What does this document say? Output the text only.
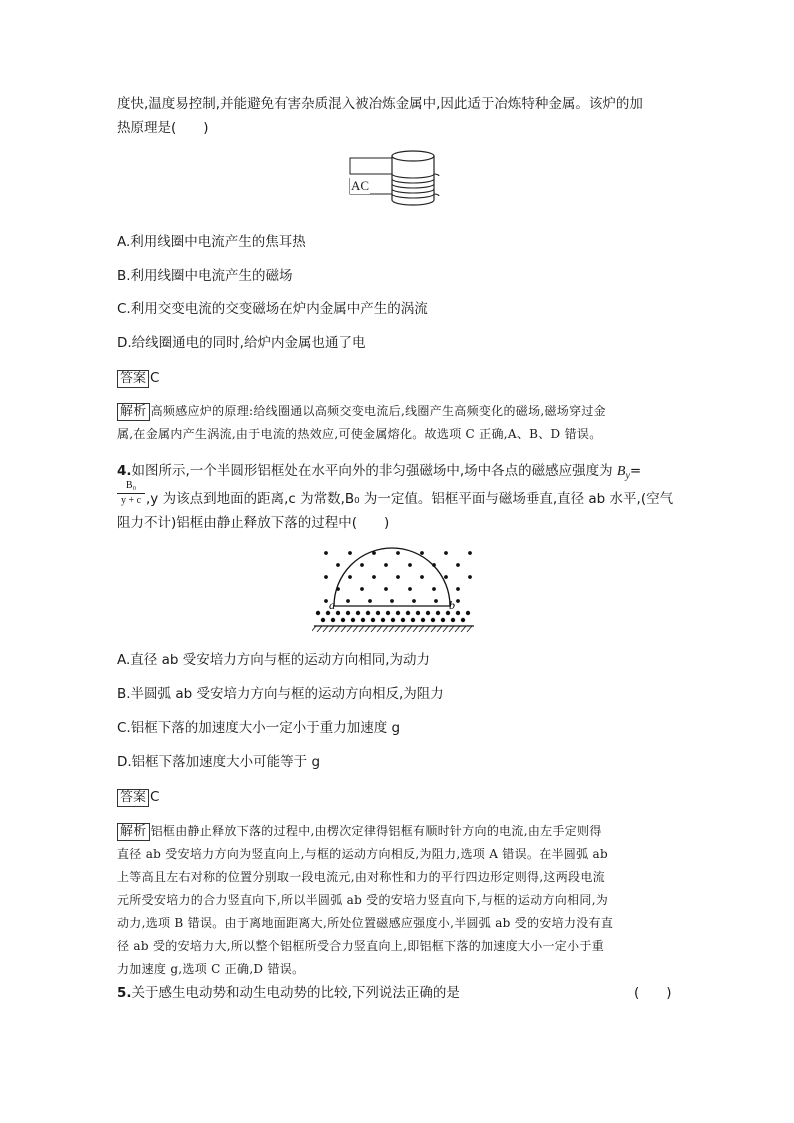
度快,温度易控制,并能避免有害杂质混入被冶炼金属中,因此适于冶炼特种金属。该炉的加
热原理是(　　)
AC
A.利用线圈中电流产生的焦耳热
B.利用线圈中电流产生的磁场
C.利用交变电流的交变磁场在炉内金属中产生的涡流
D.给线圈通电的同时,给炉内金属也通了电
答案 C
解析 高频感应炉的原理:给线圈通以高频交变电流后,线圈产生高频变化的磁场,磁场穿过金
属,在金属内产生涡流,由于电流的热效应,可使金属熔化。故选项 C 正确,A、B、D 错误。
4.如图所示,一个半圆形铝框处在水平向外的非匀强磁场中,场中各点的磁感应强度为 $B_y=$
B₀
y + c ,y 为该点到地面的距离,c 为常数,B₀ 为一定值。铝框平面与磁场垂直,直径 ab 水平,(空气
阻力不计)铝框由静止释放下落的过程中(　　)
a	b
A.直径 ab 受安培力方向与框的运动方向相同,为动力
B.半圆弧 ab 受安培力方向与框的运动方向相反,为阻力
C.铝框下落的加速度大小一定小于重力加速度 g
D.铝框下落加速度大小可能等于 g
答案 C
解析 铝框由静止释放下落的过程中,由楞次定律得铝框有顺时针方向的电流,由左手定则得
直径 ab 受安培力方向为竖直向上,与框的运动方向相反,为阻力,选项 A 错误。在半圆弧 ab
上等高且左右对称的位置分别取一段电流元,由对称性和力的平行四边形定则得,这两段电流
元所受安培力的合力竖直向下,所以半圆弧 ab 受的安培力竖直向下,与框的运动方向相同,为
动力,选项 B 错误。由于离地面距离大,所处位置磁感应强度小,半圆弧 ab 受的安培力没有直
径 ab 受的安培力大,所以整个铝框所受合力竖直向上,即铝框下落的加速度大小一定小于重
力加速度 g,选项 C 正确,D 错误。
5.关于感生电动势和动生电动势的比较,下列说法正确的是	(　　)
